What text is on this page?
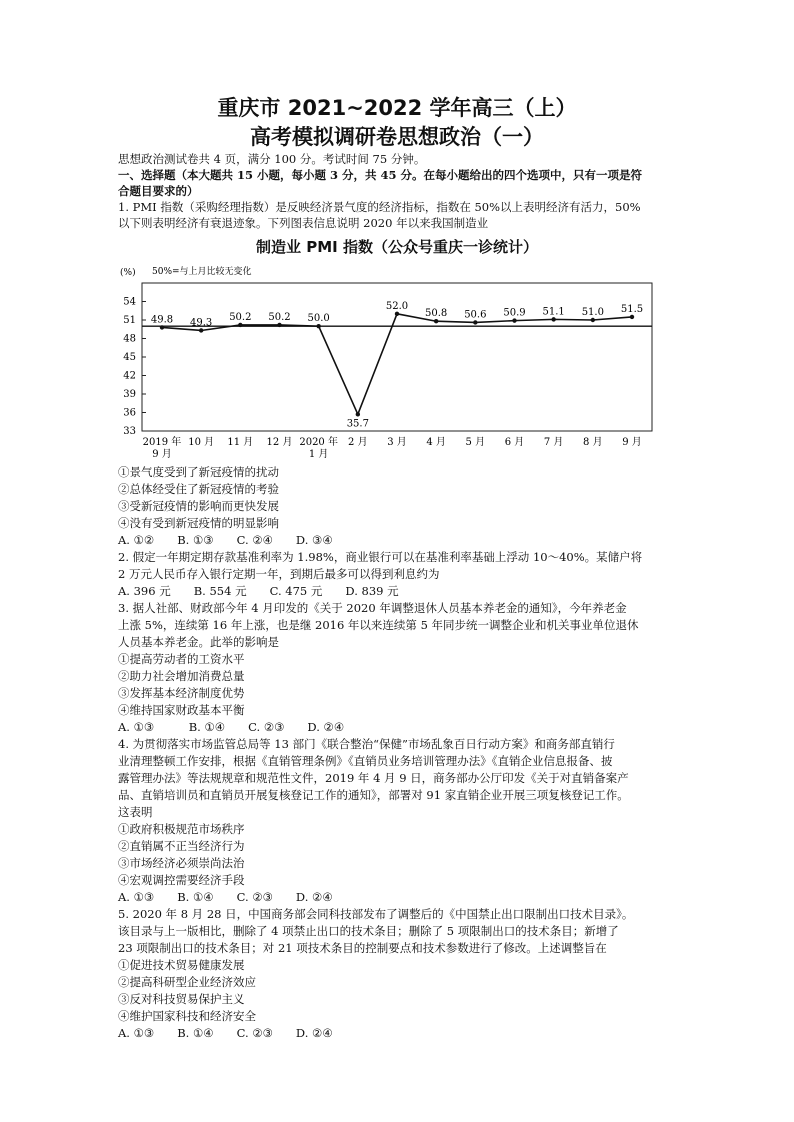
重庆市 2021~2022 学年高三（上）
高考模拟调研卷思想政治（一）
思想政治测试卷共 4 页，满分 100 分。考试时间 75 分钟。
一、选择题（本大题共 15 小题，每小题 3 分，共 45 分。在每小题给出的四个选项中，只有一项是符
合题目要求的）
1. PMI 指数（采购经理指数）是反映经济景气度的经济指标，指数在 50%以上表明经济有活力，50%
以下则表明经济有衰退迹象。下列图表信息说明 2020 年以来我国制造业
制造业 PMI 指数（公众号重庆一诊统计）
(%) 50%=与上月比较无变化
33
36
39
42
45
48
51
54
49.8 49.3
50.2 50.2 50.0
35.7
52.0
50.8 50.6 50.9 51.1 51.0 51.5
2019 年
9 月
10 月 11 月 12 月 2020 年
1 月
2 月 3 月 4 月 5 月 6 月 7 月 8 月 9 月
①景气度受到了新冠疫情的扰动
②总体经受住了新冠疫情的考验
③受新冠疫情的影响而更快发展
④没有受到新冠疫情的明显影响
A. ①②　　B. ①③　　C. ②④　　D. ③④
2. 假定一年期定期存款基准利率为 1.98%，商业银行可以在基准利率基础上浮动 10～40%。某储户将
2 万元人民币存入银行定期一年，到期后最多可以得到利息约为
A. 396 元　　B. 554 元　　C. 475 元　　D. 839 元
3. 据人社部、财政部今年 4 月印发的《关于 2020 年调整退休人员基本养老金的通知》，今年养老金
上涨 5%，连续第 16 年上涨，也是继 2016 年以来连续第 5 年同步统一调整企业和机关事业单位退休
人员基本养老金。此举的影响是
①提高劳动者的工资水平
②助力社会增加消费总量
③发挥基本经济制度优势
④维持国家财政基本平衡
A. ①③　　　B. ①④　　C. ②③　　D. ②④
4. 为贯彻落实市场监管总局等 13 部门《联合整治“保健”市场乱象百日行动方案》和商务部直销行
业清理整顿工作安排，根据《直销管理条例》《直销员业务培训管理办法》《直销企业信息报备、披
露管理办法》等法规规章和规范性文件，2019 年 4 月 9 日，商务部办公厅印发《关于对直销备案产
品、直销培训员和直销员开展复核登记工作的通知》，部署对 91 家直销企业开展三项复核登记工作。
这表明
①政府积极规范市场秩序
②直销属不正当经济行为
③市场经济必须崇尚法治
④宏观调控需要经济手段
A. ①③　　B. ①④　　C. ②③　　D. ②④
5. 2020 年 8 月 28 日，中国商务部会同科技部发布了调整后的《中国禁止出口限制出口技术目录》。
该目录与上一版相比，删除了 4 项禁止出口的技术条目；删除了 5 项限制出口的技术条目；新增了
23 项限制出口的技术条目；对 21 项技术条目的控制要点和技术参数进行了修改。上述调整旨在
①促进技术贸易健康发展
②提高科研型企业经济效应
③反对科技贸易保护主义
④维护国家科技和经济安全
A. ①③　　B. ①④　　C. ②③　　D. ②④
